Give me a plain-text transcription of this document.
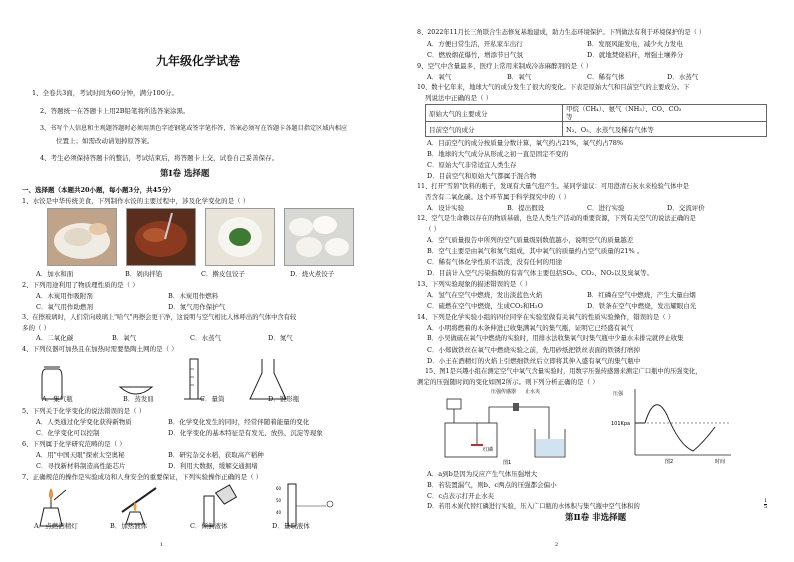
九年级化学试卷
1、全卷共3面，考试时间为60分钟，满分100分。
2、答题统一在答题卡上用2B铅笔将所选答案涂黑。
3、书写个人信息和主观题答题时必须用黑色字迹钢笔或签字笔作答，答案必须写在答题卡各题目指定区域内相应
位置上；如需改动请划掉原答案。
4、考生必须保持答题卡的整洁，考试结束后，将答题卡上交，试卷自己妥善保存。
第Ⅰ卷 选择题
一、选择题（本题共20小题，每小题3分，共45分）
1、水饺是中华传统美食，下列制作水饺的主要过程中，涉及化学变化的是（ ）
A．加水和面	B．剁肉拌馅	C．擀皮包饺子	D．烧火煮饺子
2、下列用途利用了物质理性质的是（ ）
A．木炭用作吸附剂	B．木炭用作燃料
C．氧气用作助燃剂	D．氮气用作保护气
3、在擦玻璃时，人们常向玻璃上"哈气"再擦会更干净，这说明与空气相比人体呼出的气体中含有较
多的（ ）
A．二氧化碳	B．氧气	C．水蒸气	D．氮气
4、下列仪器可加热且在加热时需要垫陶土网的是（ ）
A．集气瓶	B．蒸发皿	C．量筒	D．锥形瓶
5、下列关于化学变化的说法错误的是（ ）
A．人类通过化学变化获得新物质	B．化学变化发生的同时，经常伴随着能量的变化
C．化学变化可以控制	D．化学变化的基本特征是有发光、放热、沉淀等现象
6、下列属于化学研究范畴的是（ ）
A．用"中国天眼"探索太空奥秘	B．研究杂交水稻，获取高产稻种
C．寻找新材料制造高性能芯片	D．利用大数据，缓解交通拥堵
7、正确规范的操作是实验成功和人身安全的重要保证，下列实验操作正确的是（ ）
60
50
40
A．点燃酒精灯	B．加热液体	C．倾倒液体	D．量取液体
1
8、2022年11月长三角联合生态修复基地建成，助力生态环境保护。下列做法有利于环境保护的是（ ）
A．方便日常生活，开私家车出行	B．发展风能发电，减少火力发电
C．燃放烟花爆竹，增添节日气氛	D．就地焚烧秸秆，增强土壤养分
9、空气中含量最多，医疗上常用来制成冷冻麻醉剂的是（ ）
A．氧气	B．氧气	C．稀有气体	D．水蒸气
10、数十亿年来，地球大气的成分发生了很大的变化。下表是原始大气和目前空气的主要成分。下
列说法中正确的是（ ）
原始大气的主要成分	甲烷（CH₄）、氨气（NH₃）、CO、CO₂
等

目前空气的成分	N₂、O₂、水蒸气及稀有气体等
A．目前空气的成分按质量分数计算，氧气约占21%，氧气约占78%
B．地球的大气成分从形成之初一直是固定不变的
C．原始大气非常适宜人类生存
D．目前空气和原始大气都属于混合物
11、打开"雪碧"饮料的瓶子，发现有大量气泡产生。某同学建议：可用澄清石灰水来检验气体中是
否含有二氧化碳。这个环节属于科学探究中的（ ）
A．设计实验	B．提出假设	C．进行实验	D．交流评价
12、空气是生命赖以存在的物质基础，也是人类生产活动的重要资源，下列有关空气的说法正确的是
（ ）
A．空气质量报告中所列的空气质量级别数值越小，说明空气的质量越差
B．空气主要是由氧气和氮气组成，其中氧气的质量约占空气质量的21% 。
C．稀有气体化学性质不活泼，没有任何的用途
D．目前计入空气污染指数的有害气体主要包括SO₂、CO₂、NO₂以及臭氧等。
13、下列实验现象的描述错误的是（ ）
A．氢气在空气中燃烧，发出淡蓝色火焰	B．红磷在空气中燃烧，产生大量白烟
C．硫燃在空气中燃烧，生成CO₂和H₂O	D．铁条在空气中燃烧，发出耀眼白光
14、下列是化学实验小组的四位同学在实验室做有关氧气的性质实验操作，错误的是（ ）
A．小明将燃着的木条伸进已收集满氧气的集气瓶，证明它已经盛有氧气
B．小吴做硫在氧气中燃烧的实验时，用排水法收集氧气时集气瓶中少量水未排完就停止收集
C．小郑做铁丝在氧气中燃烧实验之前，先用砂纸把铁丝表面的铁锈打磨掉
D．小王在酒精灯的火焰上引燃细铁丝后立即将其伸入盛有氧气的集气瓶中
15、图1是兴趣小组在测定空气中氧气含量实验时，用数字压强传感器来测定广口瓶中的压强变化，
测定的压强随时间的变化如图2所示。则下列分析正确的是（ ）
压强传感器 止水夹
红磷
图1
压强
101Kpa
时间
图2
A．a到b是因为反应产生气体压强增大
B．若装置漏气，则b、c两点的压强都会偏小
C．c点表示打开止水夹
D．若用木炭代替红磷进行实验，压入广口瓶的水体积与集气瓶中空气体积的	$\frac{1}{5}$
第Ⅱ卷 非选择题
2
